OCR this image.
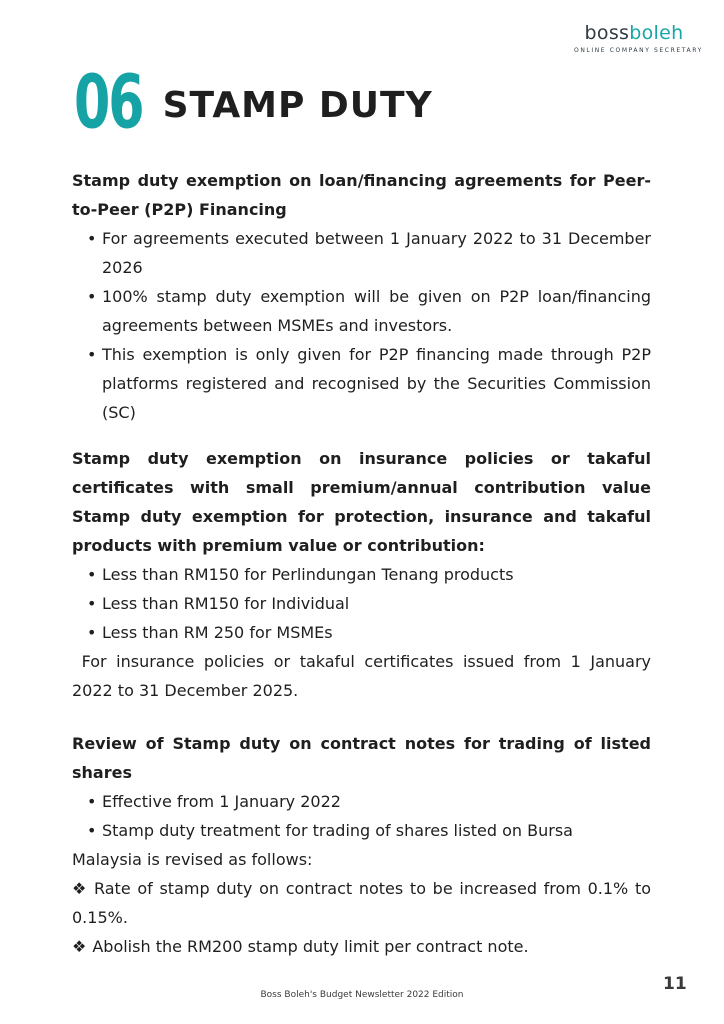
bossboleh
ONLINE COMPANY SECRETARY
06 STAMP DUTY

Stamp duty exemption on loan/financing agreements for Peer-to-Peer (P2P) Financing

• For agreements executed between 1 January 2022 to 31 December 2026
• 100% stamp duty exemption will be given on P2P loan/financing agreements between MSMEs and investors.
• This exemption is only given for P2P financing made through P2P platforms registered and recognised by the Securities Commission (SC)

Stamp duty exemption on insurance policies or takaful certificates with small premium/annual contribution value Stamp duty exemption for protection, insurance and takaful products with premium value or contribution:

• Less than RM150 for Perlindungan Tenang products
• Less than RM150 for Individual
• Less than RM 250 for MSMEs

For insurance policies or takaful certificates issued from 1 January 2022 to 31 December 2025.

Review of Stamp duty on contract notes for trading of listed shares

• Effective from 1 January 2022
• Stamp duty treatment for trading of shares listed on Bursa

Malaysia is revised as follows:

❖ Rate of stamp duty on contract notes to be increased from 0.1% to 0.15%.

❖ Abolish the RM200 stamp duty limit per contract note.

11
Boss Boleh's Budget Newsletter 2022 Edition
